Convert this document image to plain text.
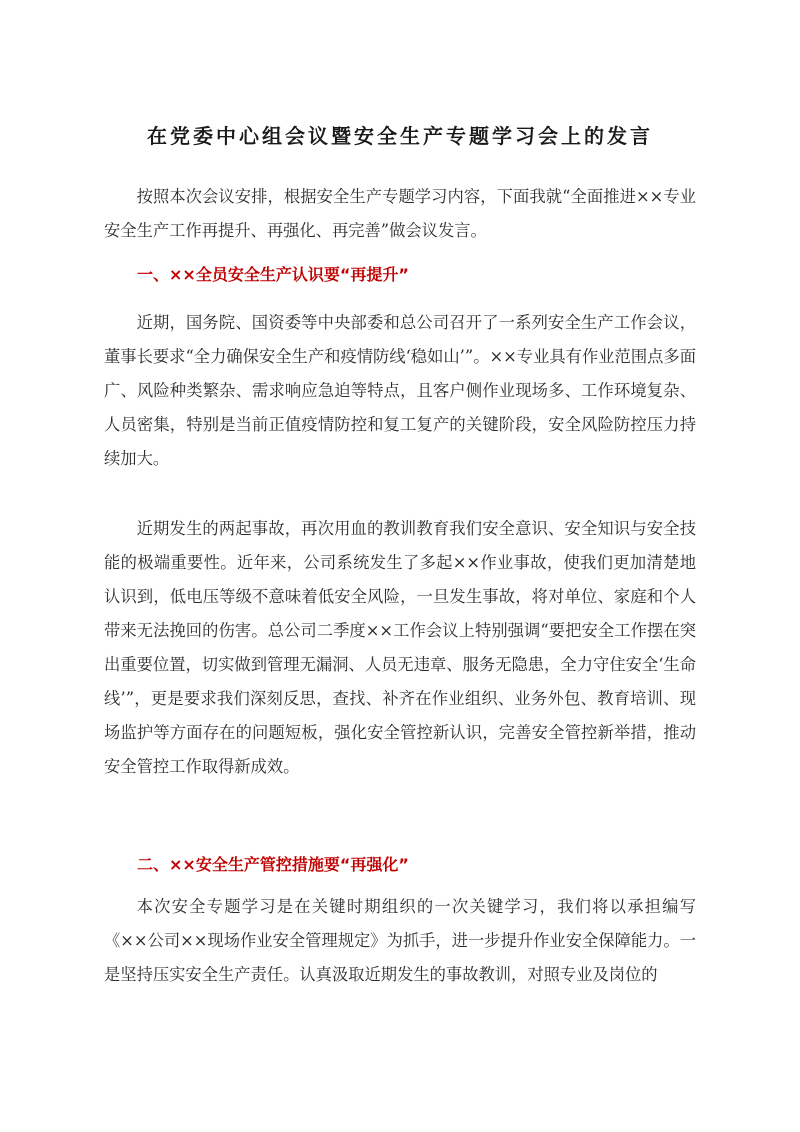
在党委中心组会议暨安全生产专题学习会上的发言

按照本次会议安排，根据安全生产专题学习内容，下面我就“全面推进××专业安全生产工作再提升、再强化、再完善”做会议发言。

一、××全员安全生产认识要“再提升”

近期，国务院、国资委等中央部委和总公司召开了一系列安全生产工作会议，董事长要求“全力确保安全生产和疫情防线‘稳如山’”。××专业具有作业范围点多面广、风险种类繁杂、需求响应急迫等特点，且客户侧作业现场多、工作环境复杂、人员密集，特别是当前正值疫情防控和复工复产的关键阶段，安全风险防控压力持续加大。

近期发生的两起事故，再次用血的教训教育我们安全意识、安全知识与安全技能的极端重要性。近年来，公司系统发生了多起××作业事故，使我们更加清楚地认识到，低电压等级不意味着低安全风险，一旦发生事故，将对单位、家庭和个人带来无法挽回的伤害。总公司二季度××工作会议上特别强调“要把安全工作摆在突出重要位置，切实做到管理无漏洞、人员无违章、服务无隐患，全力守住安全‘生命线’”，更是要求我们深刻反思，查找、补齐在作业组织、业务外包、教育培训、现场监护等方面存在的问题短板，强化安全管控新认识，完善安全管控新举措，推动安全管控工作取得新成效。

二、××安全生产管控措施要“再强化”

本次安全专题学习是在关键时期组织的一次关键学习，我们将以承担编写《××公司××现场作业安全管理规定》为抓手，进一步提升作业安全保障能力。一是坚持压实安全生产责任。认真汲取近期发生的事故教训，对照专业及岗位的
